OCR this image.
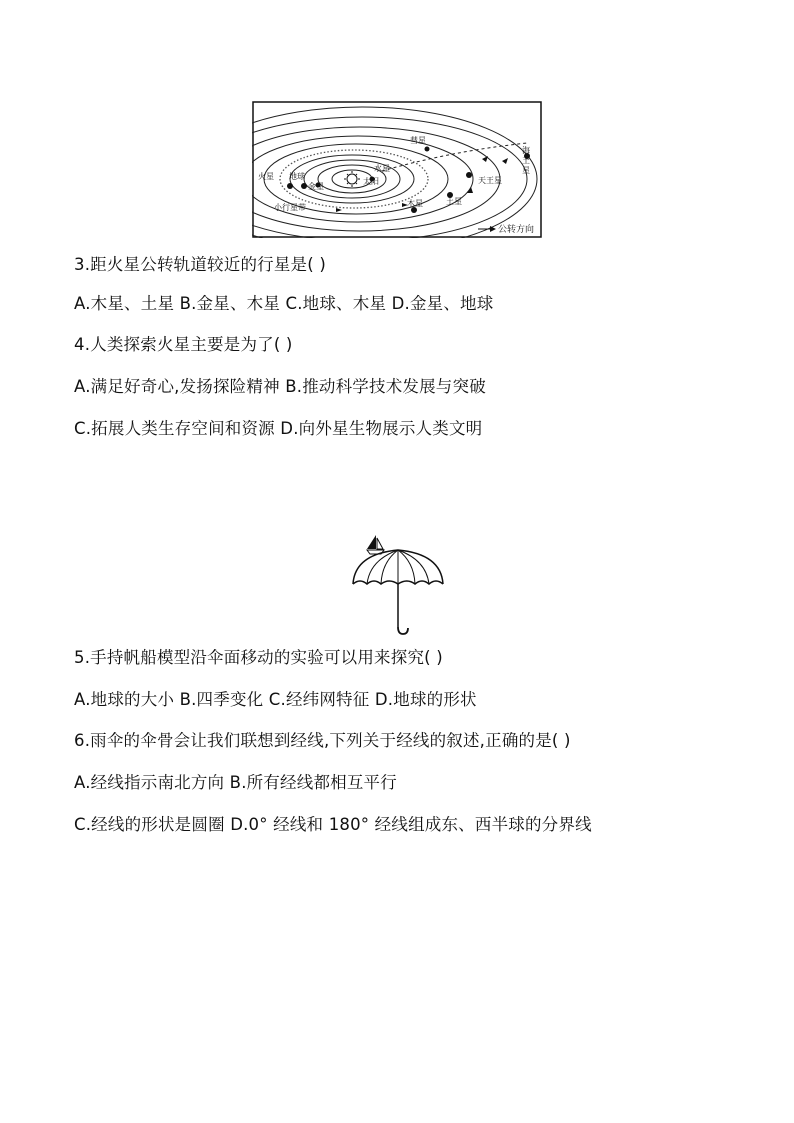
彗星
海
王
星
水星
太阳
火星 地球
金星
天王星
土星
木星
小行星带
公转方向
3.距火星公转轨道较近的行星是( )
A.木星、土星 B.金星、木星 C.地球、木星 D.金星、地球
4.人类探索火星主要是为了( )
A.满足好奇心,发扬探险精神 B.推动科学技术发展与突破
C.拓展人类生存空间和资源 D.向外星生物展示人类文明
5.手持帆船模型沿伞面移动的实验可以用来探究( )
A.地球的大小 B.四季变化 C.经纬网特征 D.地球的形状
6.雨伞的伞骨会让我们联想到经线,下列关于经线的叙述,正确的是( )
A.经线指示南北方向 B.所有经线都相互平行
C.经线的形状是圆圈 D.0° 经线和 180° 经线组成东、西半球的分界线
